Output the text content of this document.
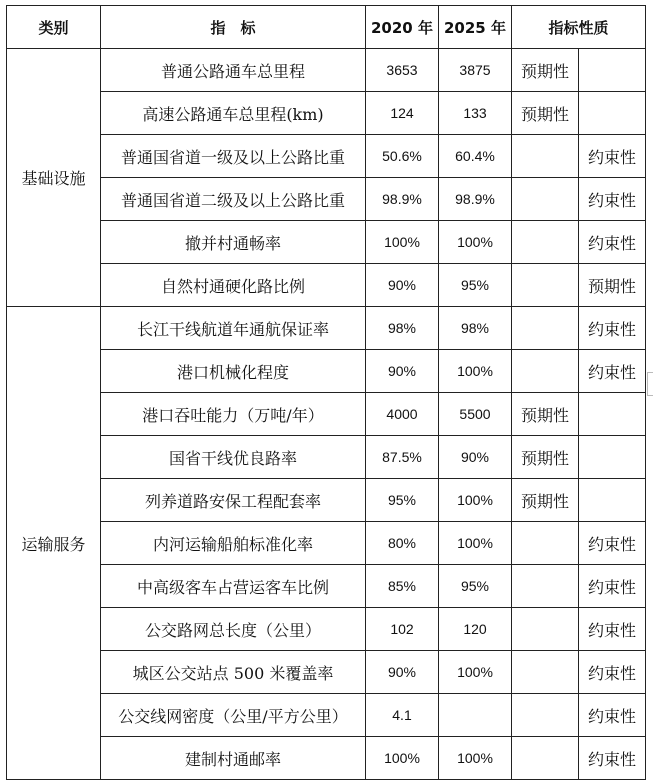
类别	指　标	2020 年	2025 年	指标性质	
基础设施	普通公路通车总里程	3653	3875	预期性	
	高速公路通车总里程(km)	124	133	预期性	
	普通国省道一级及以上公路比重	50.6%	60.4%		约束性
	普通国省道二级及以上公路比重	98.9%	98.9%		约束性
	撤并村通畅率	100%	100%		约束性
	自然村通硬化路比例	90%	95%		预期性
运输服务	长江干线航道年通航保证率	98%	98%		约束性
	港口机械化程度	90%	100%		约束性
	港口吞吐能力（万吨/年）	4000	5500	预期性	
	国省干线优良路率	87.5%	90%	预期性	
	列养道路安保工程配套率	95%	100%	预期性	
	内河运输船舶标准化率	80%	100%		约束性
	中高级客车占营运客车比例	85%	95%		约束性
	公交路网总长度（公里）	102	120		约束性
	城区公交站点 500 米覆盖率	90%	100%		约束性
	公交线网密度（公里/平方公里）	4.1			约束性
	建制村通邮率	100%	100%		约束性
